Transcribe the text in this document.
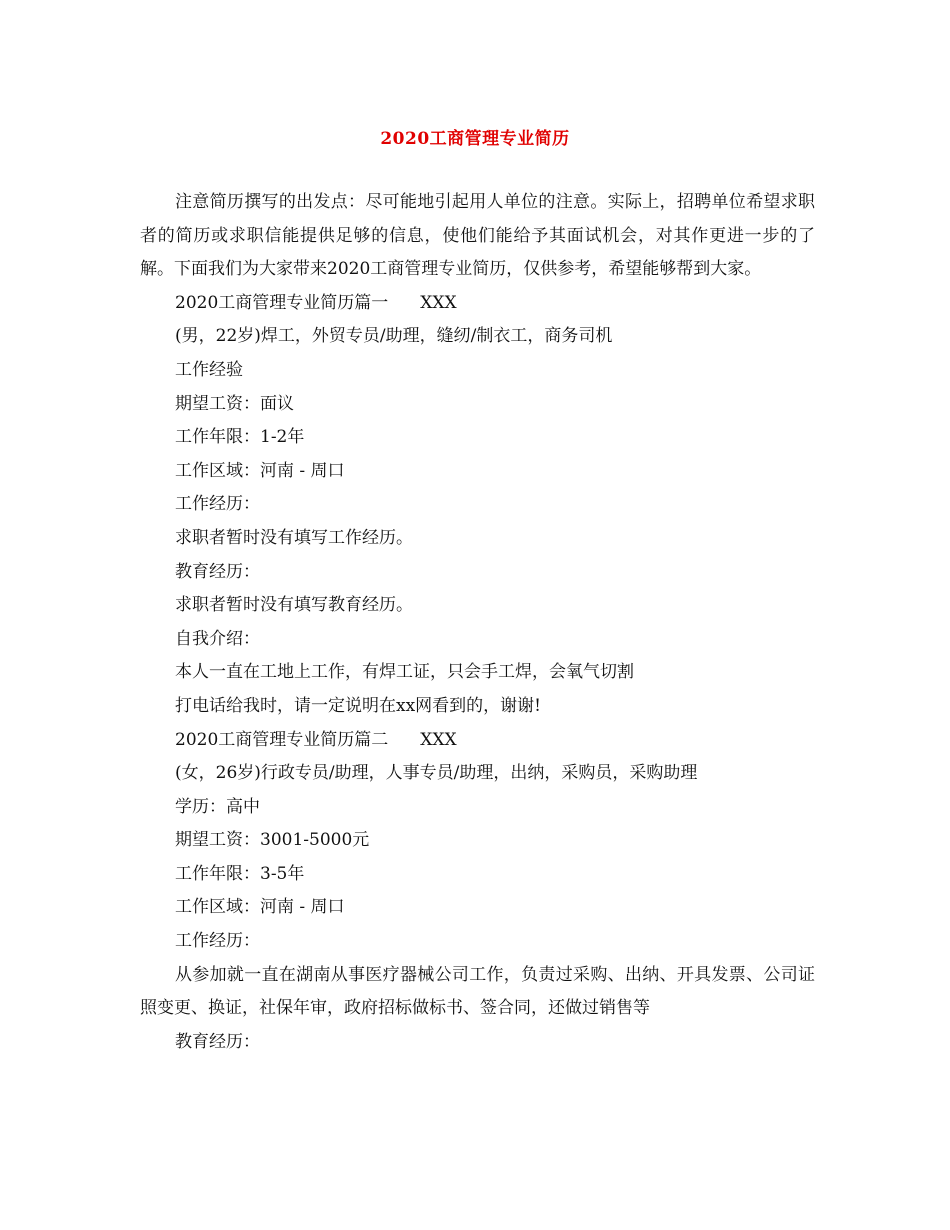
2020工商管理专业简历

注意简历撰写的出发点：尽可能地引起用人单位的注意。实际上，招聘单位希望求职者的简历或求职信能提供足够的信息，使他们能给予其面试机会，对其作更进一步的了解。下面我们为大家带来2020工商管理专业简历，仅供参考，希望能够帮到大家。

2020工商管理专业简历篇一 XXX

(男，22岁)焊工，外贸专员/助理，缝纫/制衣工，商务司机

工作经验

期望工资：面议

工作年限：1-2年

工作区域：河南 - 周口

工作经历：

求职者暂时没有填写工作经历。

教育经历：

求职者暂时没有填写教育经历。

自我介绍：

本人一直在工地上工作，有焊工证，只会手工焊，会氧气切割

打电话给我时，请一定说明在xx网看到的，谢谢!

2020工商管理专业简历篇二 XXX

(女，26岁)行政专员/助理，人事专员/助理，出纳，采购员，采购助理

学历：高中

期望工资：3001-5000元

工作年限：3-5年

工作区域：河南 - 周口

工作经历：

从参加就一直在湖南从事医疗器械公司工作，负责过采购、出纳、开具发票、公司证照变更、换证，社保年审，政府招标做标书、签合同，还做过销售等

教育经历：
